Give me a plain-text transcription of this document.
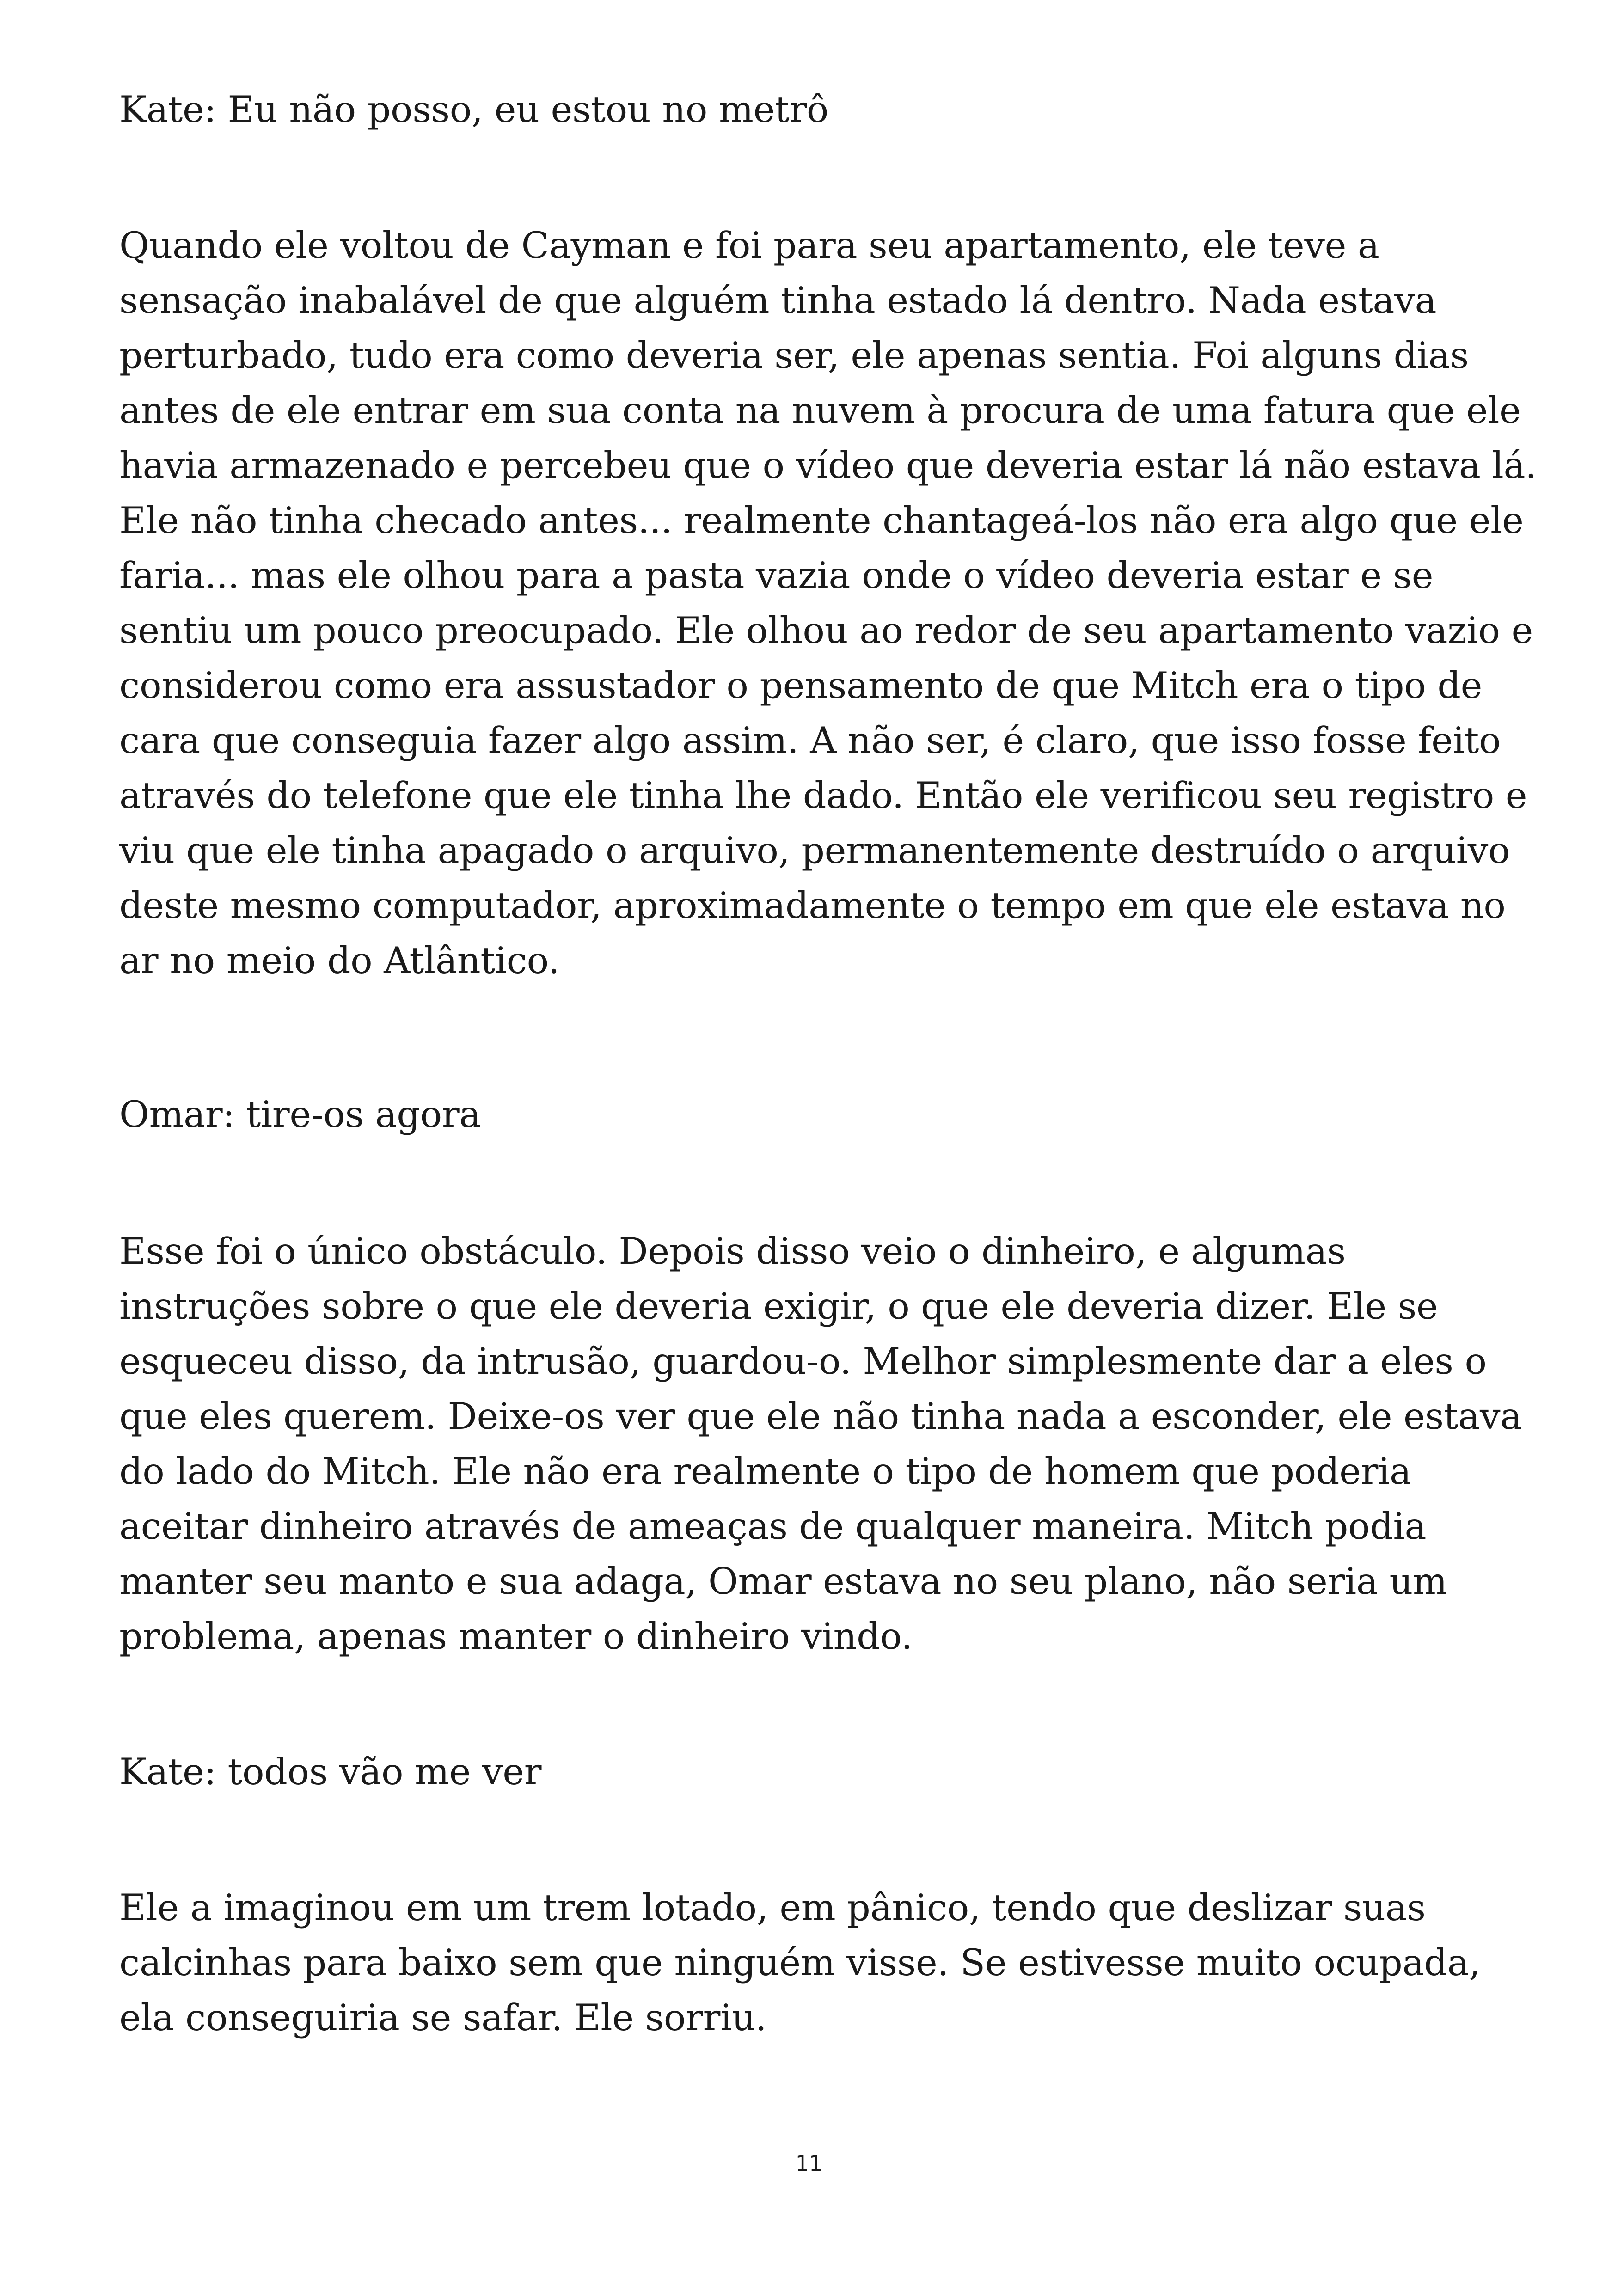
Kate: Eu não posso, eu estou no metrô

Quando ele voltou de Cayman e foi para seu apartamento, ele teve a sensação inabalável de que alguém tinha estado lá dentro. Nada estava perturbado, tudo era como deveria ser, ele apenas sentia. Foi alguns dias antes de ele entrar em sua conta na nuvem à procura de uma fatura que ele havia armazenado e percebeu que o vídeo que deveria estar lá não estava lá. Ele não tinha checado antes... realmente chantageá-los não era algo que ele faria... mas ele olhou para a pasta vazia onde o vídeo deveria estar e se sentiu um pouco preocupado. Ele olhou ao redor de seu apartamento vazio e considerou como era assustador o pensamento de que Mitch era o tipo de cara que conseguia fazer algo assim. A não ser, é claro, que isso fosse feito através do telefone que ele tinha lhe dado. Então ele verificou seu registro e viu que ele tinha apagado o arquivo, permanentemente destruído o arquivo deste mesmo computador, aproximadamente o tempo em que ele estava no ar no meio do Atlântico.

Omar: tire-os agora

Esse foi o único obstáculo. Depois disso veio o dinheiro, e algumas instruções sobre o que ele deveria exigir, o que ele deveria dizer. Ele se esqueceu disso, da intrusão, guardou-o. Melhor simplesmente dar a eles o que eles querem. Deixe-os ver que ele não tinha nada a esconder, ele estava do lado do Mitch. Ele não era realmente o tipo de homem que poderia aceitar dinheiro através de ameaças de qualquer maneira. Mitch podia manter seu manto e sua adaga, Omar estava no seu plano, não seria um problema, apenas manter o dinheiro vindo.

Kate: todos vão me ver

Ele a imaginou em um trem lotado, em pânico, tendo que deslizar suas calcinhas para baixo sem que ninguém visse. Se estivesse muito ocupada, ela conseguiria se safar. Ele sorriu.

11
